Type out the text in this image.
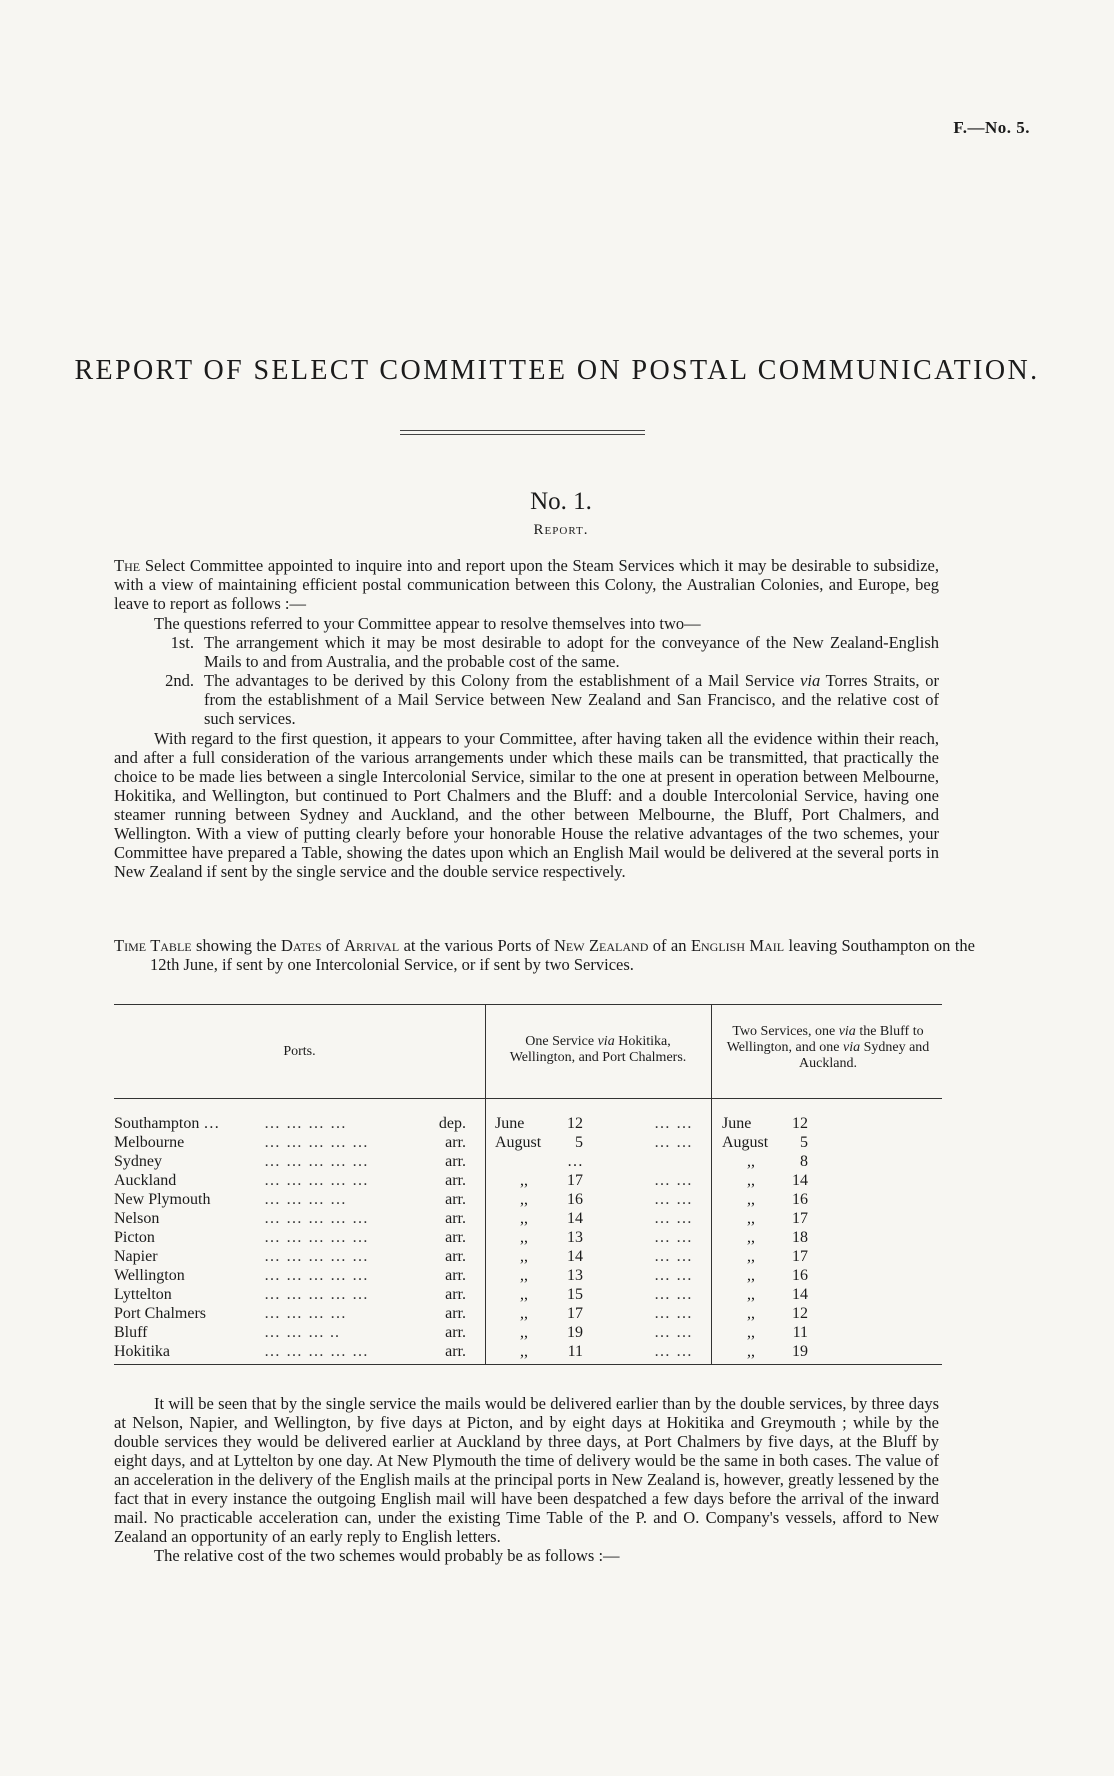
F.—No. 5.
REPORT OF SELECT COMMITTEE ON POSTAL COMMUNICATION.
No. 1.
Report.
The Select Committee appointed to inquire into and report upon the Steam Services which it may be desirable to subsidize, with a view of maintaining efficient postal communication between this Colony, the Australian Colonies, and Europe, beg leave to report as follows :—
The questions referred to your Committee appear to resolve themselves into two—
1st. The arrangement which it may be most desirable to adopt for the conveyance of the New Zealand-English Mails to and from Australia, and the probable cost of the same.
2nd. The advantages to be derived by this Colony from the establishment of a Mail Service via Torres Straits, or from the establishment of a Mail Service between New Zealand and San Francisco, and the relative cost of such services.
With regard to the first question, it appears to your Committee, after having taken all the evidence within their reach, and after a full consideration of the various arrangements under which these mails can be transmitted, that practically the choice to be made lies between a single Intercolonial Service, similar to the one at present in operation between Melbourne, Hokitika, and Wellington, but continued to Port Chalmers and the Bluff: and a double Intercolonial Service, having one steamer running between Sydney and Auckland, and the other between Melbourne, the Bluff, Port Chalmers, and Wellington. With a view of putting clearly before your honorable House the relative advantages of the two schemes, your Committee have prepared a Table, showing the dates upon which an English Mail would be delivered at the several ports in New Zealand if sent by the single service and the double service respectively.
Time Table showing the Dates of Arrival at the various Ports of New Zealand of an English Mail leaving Southampton on the 12th June, if sent by one Intercolonial Service, or if sent by two Services.
Ports.
One Service via Hokitika, Wellington, and Port Chalmers.
Two Services, one via the Bluff to Wellington, and one via Sydney and Auckland.
Southampton …	… … … …	dep.	June	12	… …	June	12
Melbourne	… … … … …	arr.	August 5	… …	August 5
Sydney	… … … … …	arr.	…	,,	8
Auckland	… … … … …	arr.	,, 17	… …	,, 14
New Plymouth	… … … …	arr.	,, 16	… …	,, 16
Nelson	… … … … …	arr.	,, 14	… …	,, 17
Picton	… … … … …	arr.	,, 13	… …	,, 18
Napier	… … … … …	arr.	,, 14	… …	,, 17
Wellington	… … … … …	arr.	,, 13	… …	,, 16
Lyttelton	… … … … …	arr.	,, 15	… …	,, 14
Port Chalmers	… … … …	arr.	,, 17	… …	,, 12
Bluff	… … … ..	arr.	,, 19	… …	,, 11
Hokitika	… … … … …	arr.	,, 11	… …	,, 19
It will be seen that by the single service the mails would be delivered earlier than by the double services, by three days at Nelson, Napier, and Wellington, by five days at Picton, and by eight days at Hokitika and Greymouth ; while by the double services they would be delivered earlier at Auckland by three days, at Port Chalmers by five days, at the Bluff by eight days, and at Lyttelton by one day. At New Plymouth the time of delivery would be the same in both cases. The value of an acceleration in the delivery of the English mails at the principal ports in New Zealand is, however, greatly lessened by the fact that in every instance the outgoing English mail will have been despatched a few days before the arrival of the inward mail. No practicable acceleration can, under the existing Time Table of the P. and O. Company's vessels, afford to New Zealand an opportunity of an early reply to English letters.
The relative cost of the two schemes would probably be as follows :—
